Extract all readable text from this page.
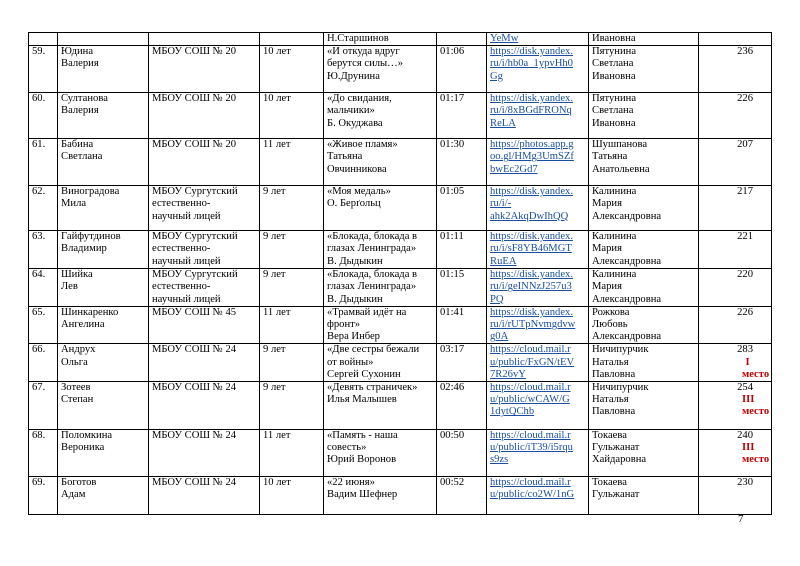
				Н.Старшинов		YeMw	Ивановна	

59.	Юдина
Валерия	МБОУ СОШ № 20	10 лет	«И откуда вдруг
берутся силы…»
Ю.Друнина	01:06	https://disk.yandex.
ru/i/hb0a_1ypvHh0
Gg	Пятунина
Светлана
Ивановна	236

60.	Султанова
Валерия	МБОУ СОШ № 20	10 лет	«До свидания,
мальчики»
Б. Окуджава	01:17	https://disk.yandex.
ru/i/8xBGdFRONq
ReLA	Пятунина
Светлана
Ивановна	226

61.	Бабина
Светлана	МБОУ СОШ № 20	11 лет	«Живое пламя»
Татьяна
Овчинникова	01:30	https://photos.app.g
oo.gl/HMg3UmSZf
bwEc2Gd7	Шушпанова
Татьяна
Анатольевна	207

62.	Виноградова
Мила	МБОУ Сургутский
естественно-
научный лицей	9 лет	«Моя медаль»
О. Берґольц	01:05	https://disk.yandex.
ru/i/-
ahk2AkqDwIhQQ	Калинина
Мария
Александровна	217

63.	Гайфутдинов
Владимир	МБОУ Сургутский
естественно-
научный лицей	9 лет	«Блокада, блокада в
глазах Ленинграда»
В. Дыдыкин	01:11	https://disk.yandex.
ru/i/sF8YB46MGT
RuEA	Калинина
Мария
Александровна	221

64.	Шийка
Лев	МБОУ Сургутский
естественно-
научный лицей	9 лет	«Блокада, блокада в
глазах Ленинграда»
В. Дыдыкин	01:15	https://disk.yandex.
ru/i/geINNzJ257u3
PQ	Калинина
Мария
Александровна	220

65.	Шинкаренко
Ангелина	МБОУ СОШ № 45	11 лет	«Трамвай идёт на
фронт»
Вера Инбер	01:41	https://disk.yandex.
ru/i/rUTpNvmgdvw
g0A	Рожкова
Любовь
Александровна	226

66.	Андрух
Ольга	МБОУ СОШ № 24	9 лет	«Две сестры бежали
от войны»
Сергей Сухонин	03:17	https://cloud.mail.r
u/public/FxGN/tEV
7R26vY	Ничипурчик
Наталья
Павловна	283
I место

67.	Зотеев
Степан	МБОУ СОШ № 24	9 лет	«Девять страничек»
Илья Малышев	02:46	https://cloud.mail.r
u/public/wCAW/G
1dytQChb	Ничипурчик
Наталья
Павловна	254
III место

68.	Поломкина
Вероника	МБОУ СОШ № 24	11 лет	«Память - наша
совесть»
Юрий Воронов	00:50	https://cloud.mail.r
u/public/iT39/i5rqu
s9zs	Токаева
Гульжанат
Хайдаровна	240
III место

69.	Боготов
Адам	МБОУ СОШ № 24	10 лет	«22 июня»
Вадим Шефнер	00:52	https://cloud.mail.r
u/public/co2W/1nG	Токаева
Гульжанат	230
7
